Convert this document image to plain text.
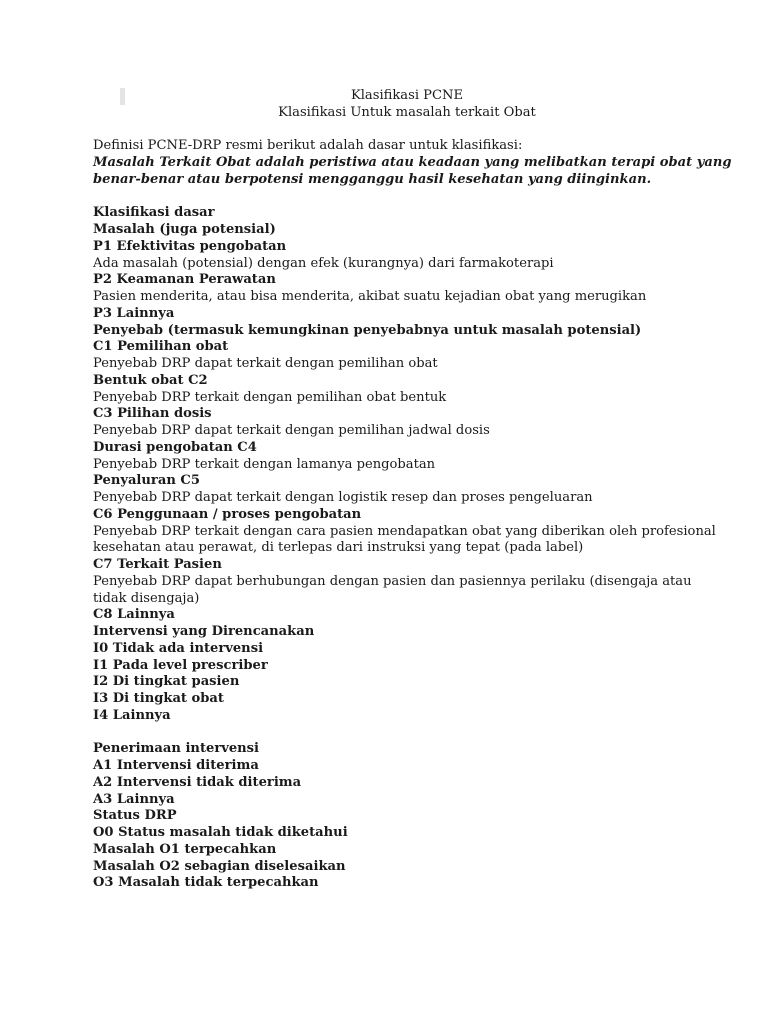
Klasifikasi PCNE

Klasifikasi Untuk masalah terkait Obat

Definisi PCNE-DRP resmi berikut adalah dasar untuk klasifikasi:

Masalah Terkait Obat adalah peristiwa atau keadaan yang melibatkan terapi obat yang

benar-benar atau berpotensi mengganggu hasil kesehatan yang diinginkan.

Klasifikasi dasar

Masalah (juga potensial)

P1 Efektivitas pengobatan

Ada masalah (potensial) dengan efek (kurangnya) dari farmakoterapi

P2 Keamanan Perawatan

Pasien menderita, atau bisa menderita, akibat suatu kejadian obat yang merugikan

P3 Lainnya

Penyebab (termasuk kemungkinan penyebabnya untuk masalah potensial)

C1 Pemilihan obat

Penyebab DRP dapat terkait dengan pemilihan obat

Bentuk obat C2

Penyebab DRP terkait dengan pemilihan obat bentuk

C3 Pilihan dosis

Penyebab DRP dapat terkait dengan pemilihan jadwal dosis

Durasi pengobatan C4

Penyebab DRP terkait dengan lamanya pengobatan

Penyaluran C5

Penyebab DRP dapat terkait dengan logistik resep dan proses pengeluaran

C6 Penggunaan / proses pengobatan

Penyebab DRP terkait dengan cara pasien mendapatkan obat yang diberikan oleh profesional

kesehatan atau perawat, di terlepas dari instruksi yang tepat (pada label)

C7 Terkait Pasien

Penyebab DRP dapat berhubungan dengan pasien dan pasiennya perilaku (disengaja atau

tidak disengaja)

C8 Lainnya

Intervensi yang Direncanakan

I0 Tidak ada intervensi

I1 Pada level prescriber

I2 Di tingkat pasien

I3 Di tingkat obat

I4 Lainnya

Penerimaan intervensi

A1 Intervensi diterima

A2 Intervensi tidak diterima

A3 Lainnya

Status DRP

O0 Status masalah tidak diketahui

Masalah O1 terpecahkan

Masalah O2 sebagian diselesaikan

O3 Masalah tidak terpecahkan
